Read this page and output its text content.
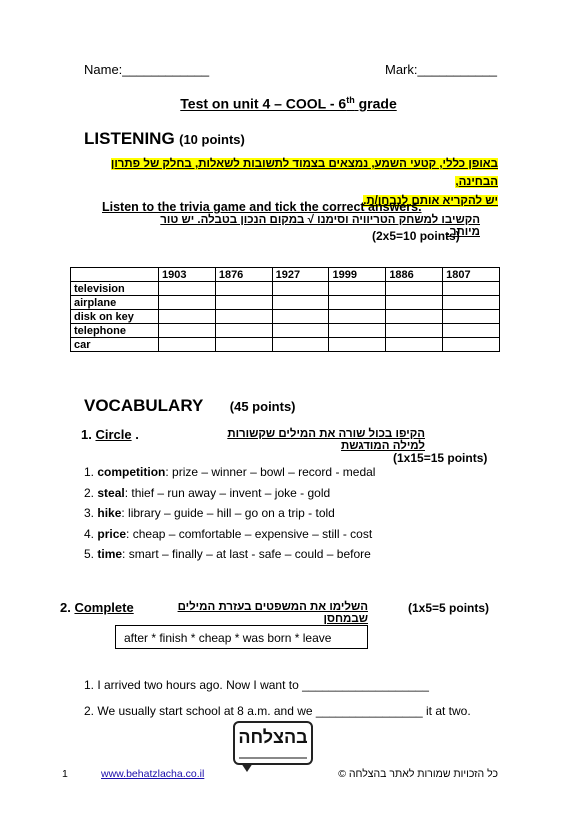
Name:____________	Mark:___________
Test on unit 4 – COOL - 6th grade
LISTENING (10 points)
באופן כללי, קטעי השמע, נמצאים בצמוד לתשובות לשאלות, בחלק של פתרון הבחינה,
יש להקריא אותם לנבחן/ת.
Listen to the trivia game and tick the correct answers.
הקשיבו למשחק הטריוויה וסימנו √ במקום הנכון בטבלה. יש טור מיותר.
(2x5=10 points)
	1903	1876	1927	1999	1886	1807
television						
airplane						
disk on key						
telephone						
car						
VOCABULARY (45 points)
1. Circle .	הקיפו בכול שורה את המילים שקשורות למילה המודגשת
(1x15=15 points)
1. competition: prize – winner – bowl – record - medal
2. steal: thief – run away – invent – joke - gold
3. hike: library – guide – hill – go on a trip - told
4. price: cheap – comfortable – expensive – still - cost
5. time: smart – finally – at last - safe – could – before
2. Complete	השלימו את המשפטים בעזרת המילים שבמחסן
(1x5=5 points)
after * finish * cheap * was born * leave
1. I arrived two hours ago. Now I want to ___________________
2. We usually start school at 8 a.m. and we ________________ it at two.
בהצלחה
1	www.behatzlacha.co.il	כל הזכויות שמורות לאתר בהצלחה ©
